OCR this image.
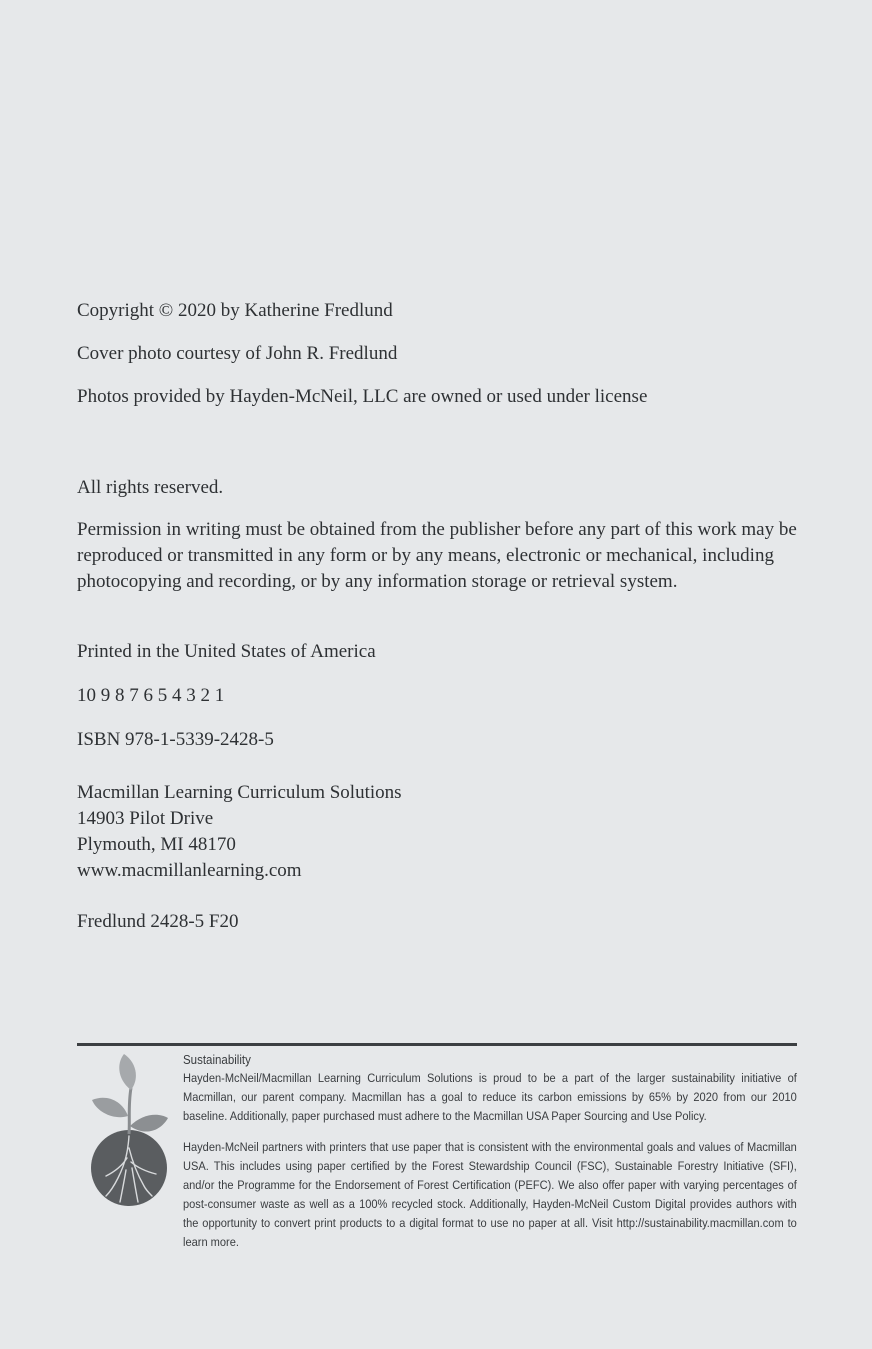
Copyright © 2020 by Katherine Fredlund

Cover photo courtesy of John R. Fredlund

Photos provided by Hayden-McNeil, LLC are owned or used under license

All rights reserved.

Permission in writing must be obtained from the publisher before any part of this work may be reproduced or transmitted in any form or by any means, electronic or mechanical, including photocopying and recording, or by any information storage or retrieval system.

Printed in the United States of America

10 9 8 7 6 5 4 3 2 1

ISBN 978-1-5339-2428-5

Macmillan Learning Curriculum Solutions

14903 Pilot Drive

Plymouth, MI 48170

www.macmillanlearning.com

Fredlund 2428-5 F20

Sustainability

Hayden-McNeil/Macmillan Learning Curriculum Solutions is proud to be a part of the larger sustainability initiative of Macmillan, our parent company. Macmillan has a goal to reduce its carbon emissions by 65% by 2020 from our 2010 baseline. Additionally, paper purchased must adhere to the Macmillan USA Paper Sourcing and Use Policy.

Hayden-McNeil partners with printers that use paper that is consistent with the environmental goals and values of Macmillan USA. This includes using paper certified by the Forest Stewardship Council (FSC), Sustainable Forestry Initiative (SFI), and/or the Programme for the Endorsement of Forest Certification (PEFC). We also offer paper with varying percentages of post-consumer waste as well as a 100% recycled stock. Additionally, Hayden-McNeil Custom Digital provides authors with the opportunity to convert print products to a digital format to use no paper at all. Visit http://sustainability.macmillan.com to learn more.
